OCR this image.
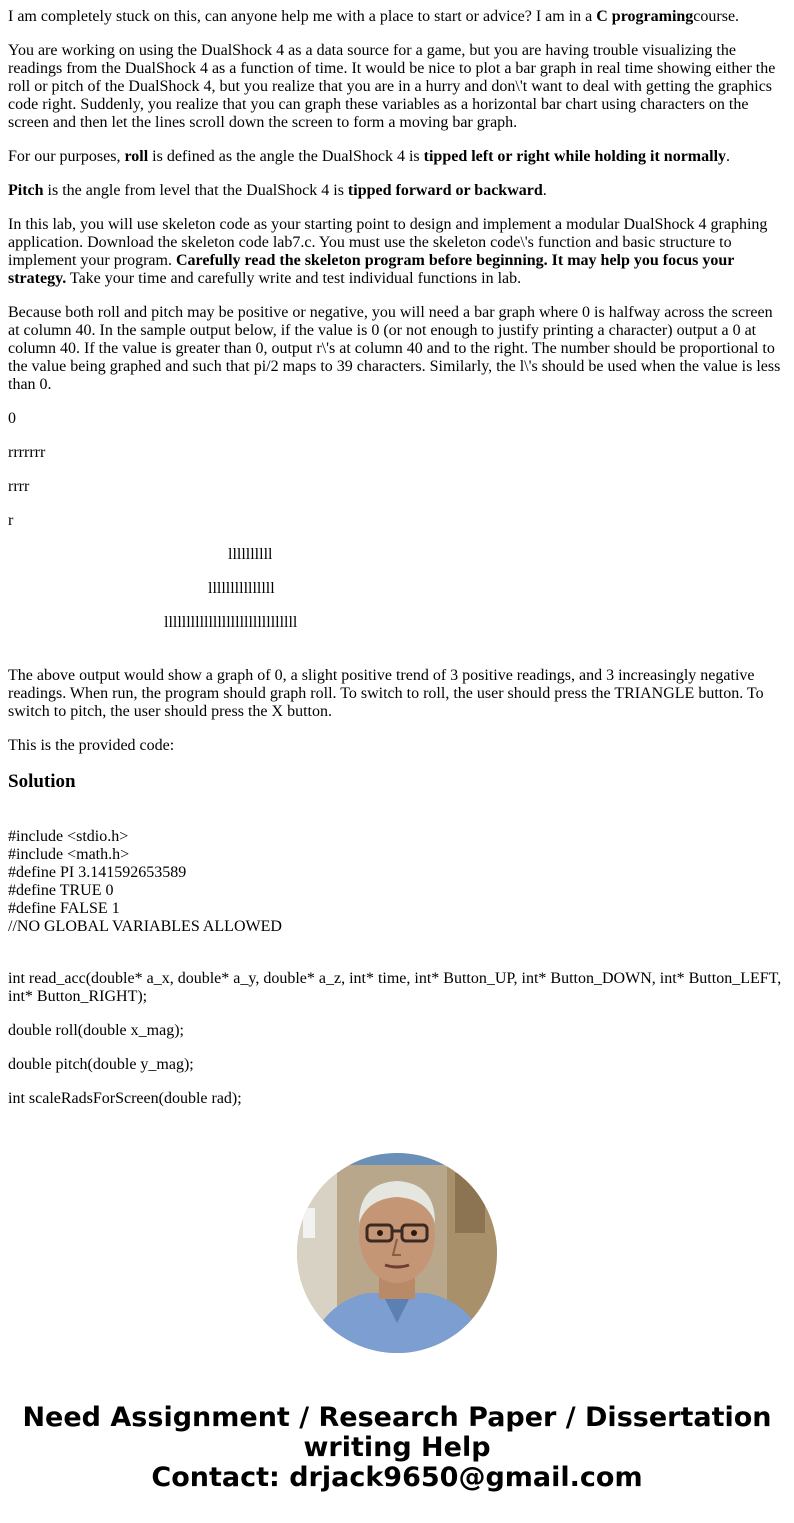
I am completely stuck on this, can anyone help me with a place to start or advice? I am in a C programingcourse.

You are working on using the DualShock 4 as a data source for a game, but you are having trouble visualizing the readings from the DualShock 4 as a function of time. It would be nice to plot a bar graph in real time showing either the roll or pitch of the DualShock 4, but you realize that you are in a hurry and don\'t want to deal with getting the graphics code right. Suddenly, you realize that you can graph these variables as a horizontal bar chart using characters on the screen and then let the lines scroll down the screen to form a moving bar graph.

For our purposes, roll is defined as the angle the DualShock 4 is tipped left or right while holding it normally.

Pitch is the angle from level that the DualShock 4 is tipped forward or backward.

In this lab, you will use skeleton code as your starting point to design and implement a modular DualShock 4 graphing application. Download the skeleton code lab7.c. You must use the skeleton code\'s function and basic structure to implement your program. Carefully read the skeleton program before beginning. It may help you focus your strategy. Take your time and carefully write and test individual functions in lab.

Because both roll and pitch may be positive or negative, you will need a bar graph where 0 is halfway across the screen at column 40. In the sample output below, if the value is 0 (or not enough to justify printing a character) output a 0 at column 40. If the value is greater than 0, output r\'s at column 40 and to the right. The number should be proportional to the value being graphed and such that pi/2 maps to 39 characters. Similarly, the l\'s should be used when the value is less than 0.

0
rrrrrrr
rrrr
r
llllllllll
lllllllllllllll
llllllllllllllllllllllllllllll

The above output would show a graph of 0, a slight positive trend of 3 positive readings, and 3 increasingly negative readings. When run, the program should graph roll. To switch to roll, the user should press the TRIANGLE button. To switch to pitch, the user should press the X button.

This is the provided code:

Solution
#include <stdio.h>
#include <math.h>
#define PI 3.141592653589
#define TRUE 0
#define FALSE 1
//NO GLOBAL VARIABLES ALLOWED

int read_acc(double* a_x, double* a_y, double* a_z, int* time, int* Button_UP, int* Button_DOWN, int* Button_LEFT, int* Button_RIGHT);

double roll(double x_mag);

double pitch(double y_mag);

int scaleRadsForScreen(double rad);

Need Assignment / Research Paper / Dissertation
writing Help
Contact: drjack9650@gmail.com
